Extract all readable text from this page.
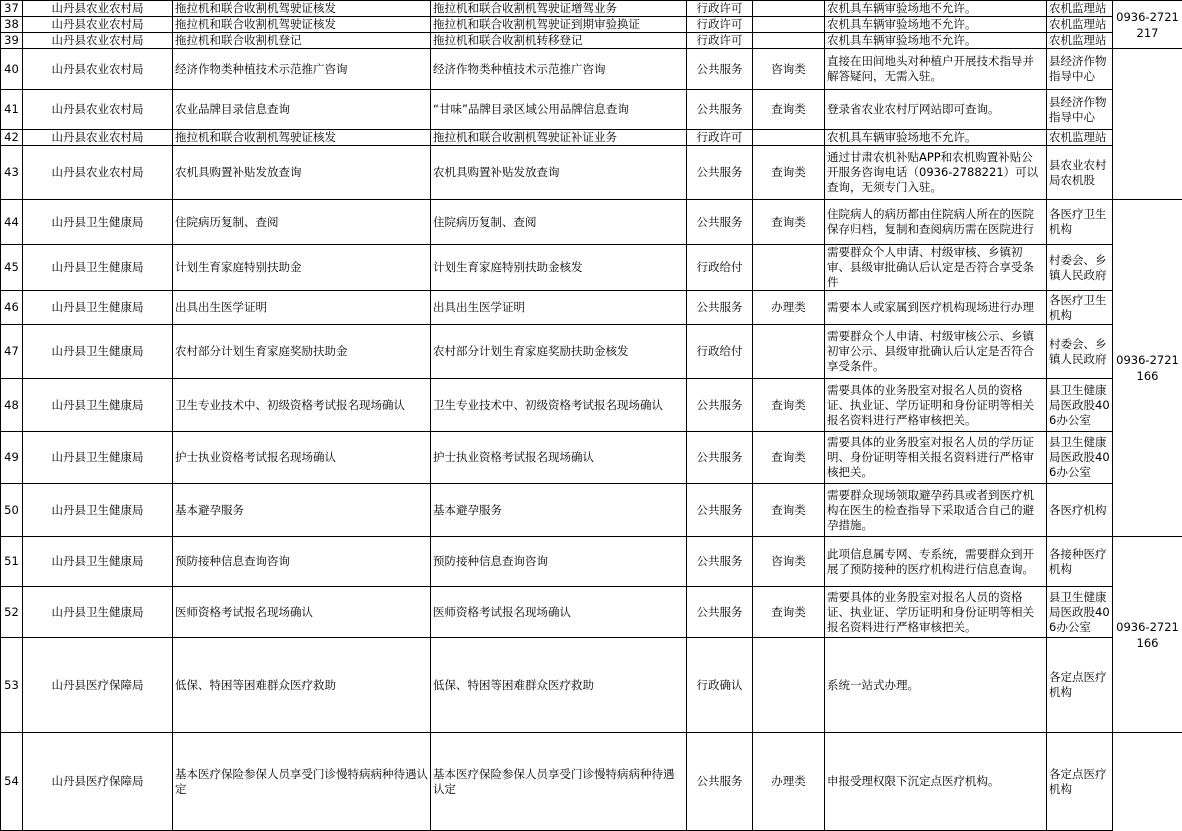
37	山丹县农业农村局	拖拉机和联合收割机驾驶证核发	拖拉机和联合收割机驾驶证增驾业务	行政许可		农机具车辆审验场地不允许。	农机监理站	0936-2721217	
38	山丹县农业农村局	拖拉机和联合收割机驾驶证核发	拖拉机和联合收割机驾驶证到期审验换证	行政许可		农机具车辆审验场地不允许。	农机监理站		
39	山丹县农业农村局	拖拉机和联合收割机登记	拖拉机和联合收割机转移登记	行政许可		农机具车辆审验场地不允许。	农机监理站		
40	山丹县农业农村局	经济作物类种植技术示范推广咨询	经济作物类种植技术示范推广咨询	公共服务	咨询类	直接在田间地头对种植户开展技术指导并解答疑问，无需入驻。	县经济作物指导中心		
41	山丹县农业农村局	农业品牌目录信息查询	“甘味”品牌目录区域公用品牌信息查询	公共服务	查询类	登录省农业农村厅网站即可查询。	县经济作物指导中心		
42	山丹县农业农村局	拖拉机和联合收割机驾驶证核发	拖拉机和联合收割机驾驶证补证业务	行政许可		农机具车辆审验场地不允许。	农机监理站		
43	山丹县农业农村局	农机具购置补贴发放查询	农机具购置补贴发放查询	公共服务	查询类	通过甘肃农机补贴APP和农机购置补贴公开服务咨询电话（0936-2788221）可以查询，无须专门入驻。	县农业农村局农机股		
44	山丹县卫生健康局	住院病历复制、查阅	住院病历复制、查阅	公共服务	查询类	住院病人的病历都由住院病人所在的医院保存归档，复制和查阅病历需在医院进行	各医疗卫生机构	0936-2721166	
45	山丹县卫生健康局	计划生育家庭特别扶助金	计划生育家庭特别扶助金核发	行政给付		需要群众个人申请、村级审核、乡镇初审、县级审批确认后认定是否符合享受条件	村委会、乡镇人民政府		
46	山丹县卫生健康局	出具出生医学证明	出具出生医学证明	公共服务	办理类	需要本人或家属到医疗机构现场进行办理	各医疗卫生机构		
47	山丹县卫生健康局	农村部分计划生育家庭奖励扶助金	农村部分计划生育家庭奖励扶助金核发	行政给付		需要群众个人申请、村级审核公示、乡镇初审公示、县级审批确认后认定是否符合享受条件。	村委会、乡镇人民政府		
48	山丹县卫生健康局	卫生专业技术中、初级资格考试报名现场确认	卫生专业技术中、初级资格考试报名现场确认	公共服务	查询类	需要具体的业务股室对报名人员的资格证、执业证、学历证明和身份证明等相关报名资料进行严格审核把关。	县卫生健康局医政股406办公室		
49	山丹县卫生健康局	护士执业资格考试报名现场确认	护士执业资格考试报名现场确认	公共服务	查询类	需要具体的业务股室对报名人员的学历证明、身份证明等相关报名资料进行严格审核把关。	县卫生健康局医政股406办公室		
50	山丹县卫生健康局	基本避孕服务	基本避孕服务	公共服务	查询类	需要群众现场领取避孕药具或者到医疗机构在医生的检查指导下采取适合自己的避孕措施。	各医疗机构		
51	山丹县卫生健康局	预防接种信息查询咨询	预防接种信息查询咨询	公共服务	咨询类	此项信息属专网、专系统，需要群众到开展了预防接种的医疗机构进行信息查询。	各接种医疗机构	0936-2721166	
52	山丹县卫生健康局	医师资格考试报名现场确认	医师资格考试报名现场确认	公共服务	查询类	需要具体的业务股室对报名人员的资格证、执业证、学历证明和身份证明等相关报名资料进行严格审核把关。	县卫生健康局医政股406办公室		
53	山丹县医疗保障局	低保、特困等困难群众医疗救助	低保、特困等困难群众医疗救助	行政确认		系统一站式办理。	各定点医疗机构	
54	山丹县医疗保障局	基本医疗保险参保人员享受门诊慢特病病种待遇认定	基本医疗保险参保人员享受门诊慢特病病种待遇认定	公共服务	办理类	申报受理权限下沉定点医疗机构。	各定点医疗机构		
